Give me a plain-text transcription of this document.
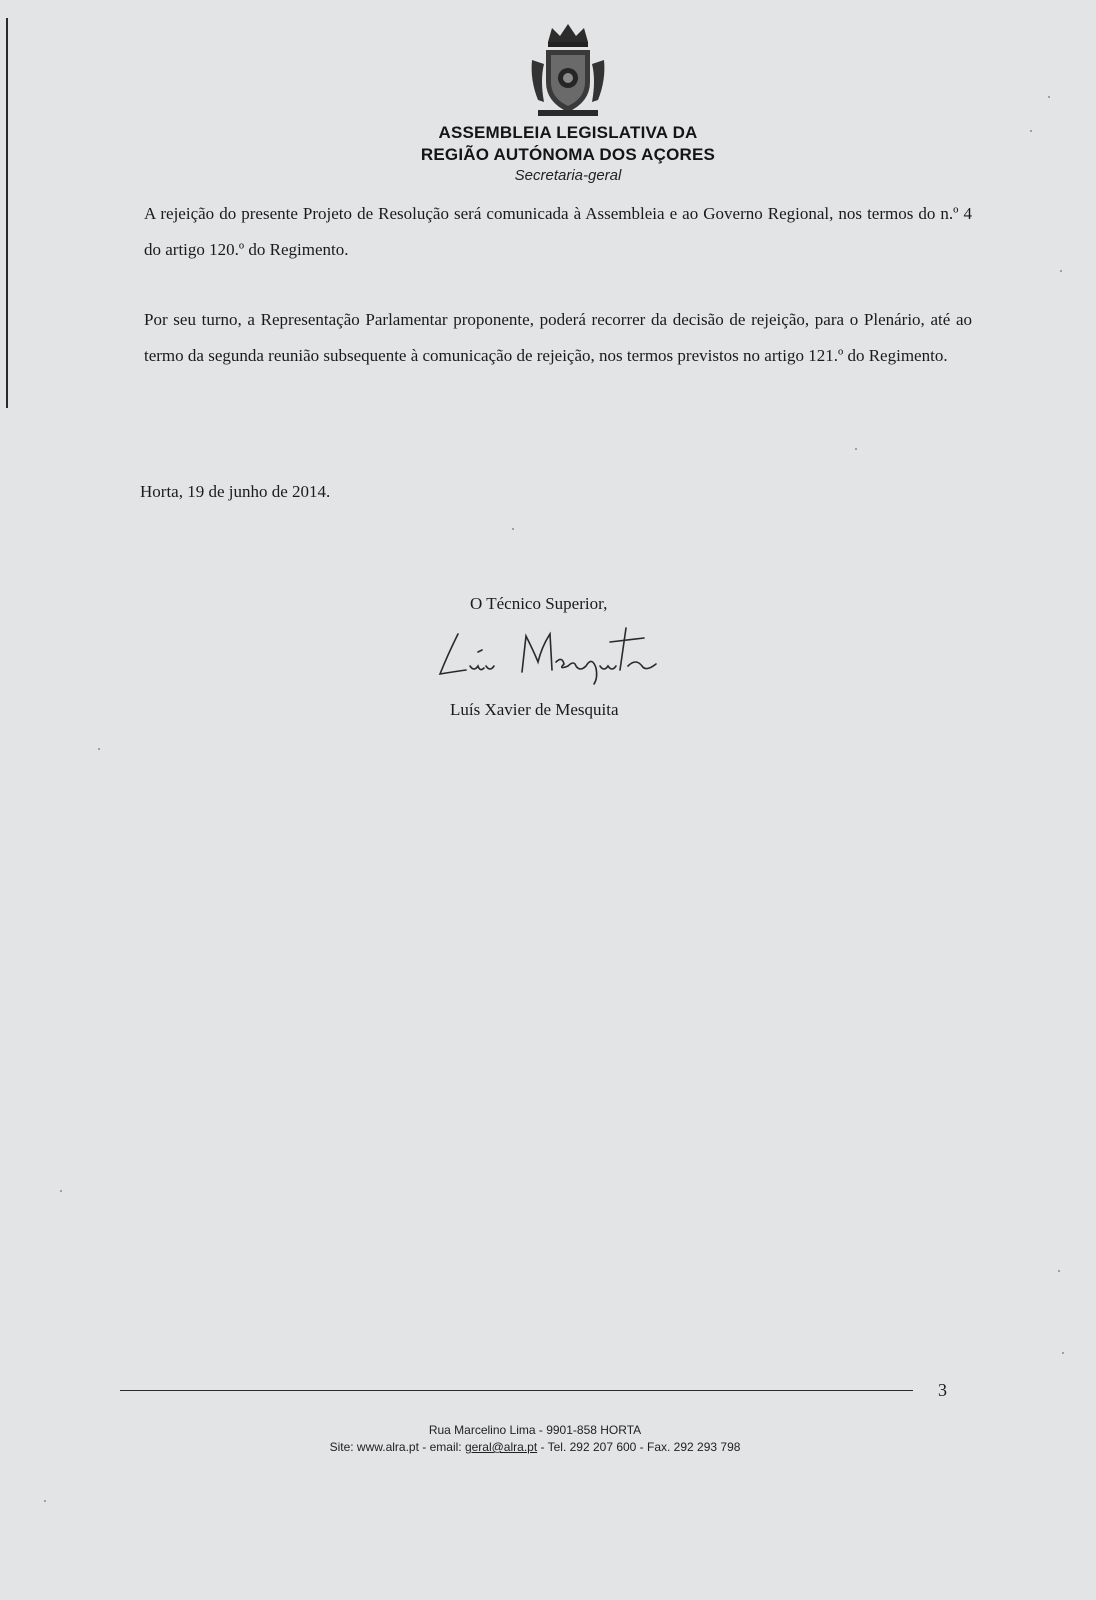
ASSEMBLEIA LEGISLATIVA DA
REGIÃO AUTÓNOMA DOS AÇORES
Secretaria-geral
A rejeição do presente Projeto de Resolução será comunicada à Assembleia e ao Governo Regional, nos termos do n.º 4 do artigo 120.º do Regimento.
Por seu turno, a Representação Parlamentar proponente, poderá recorrer da decisão de rejeição, para o Plenário, até ao termo da segunda reunião subsequente à comunicação de rejeição, nos termos previstos no artigo 121.º do Regimento.
Horta, 19 de junho de 2014.
O Técnico Superior,
Luís Xavier de Mesquita
3
Rua Marcelino Lima - 9901-858 HORTA
Site: www.alra.pt - email: geral@alra.pt - Tel. 292 207 600 - Fax. 292 293 798
